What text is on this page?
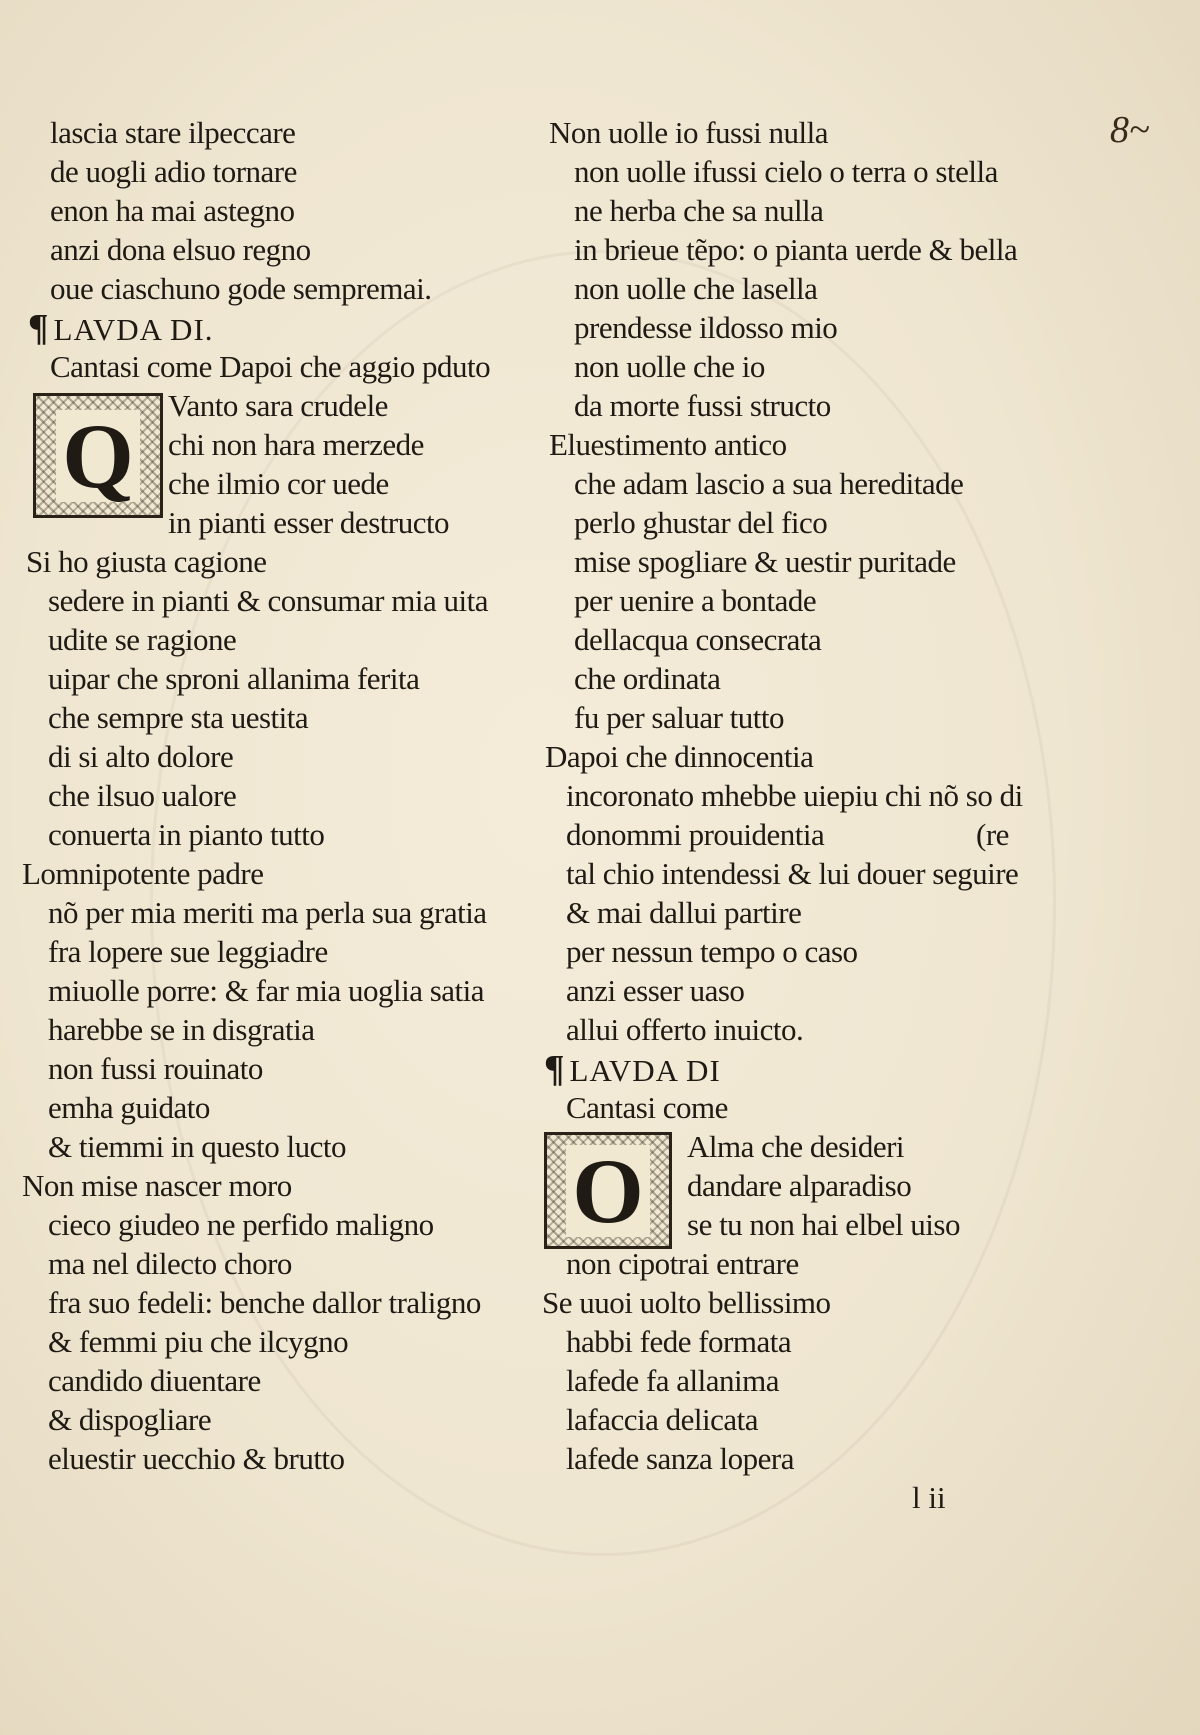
8~
lascia stare ilpeccare
de uogli adio tornare
enon ha mai astegno
anzi dona elsuo regno
oue ciaschuno gode sempremai.
¶ LAVDA DI.
Cantasi come Dapoi che aggio pduto
Q Vanto sara crudele
chi non hara merzede
che ilmio cor uede
in pianti esser destructo
Si ho giusta cagione
sedere in pianti & consumar mia uita
udite se ragione
uipar che sproni allanima ferita
che sempre sta uestita
di si alto dolore
che ilsuo ualore
conuerta in pianto tutto
Lomnipotente padre
nõ per mia meriti ma perla sua gratia
fra lopere sue leggiadre
miuolle porre: & far mia uoglia satia
harebbe se in disgratia
non fussi rouinato
emha guidato
& tiemmi in questo lucto
Non mise nascer moro
cieco giudeo ne perfido maligno
ma nel dilecto choro
fra suo fedeli: benche dallor traligno
& femmi piu che ilcygno
candido diuentare
& dispogliare
eluestir uecchio & brutto
Non uolle io fussi nulla
non uolle ifussi cielo o terra o stella
ne herba che sa nulla
in brieue tẽpo: o pianta uerde & bella
non uolle che lasella
prendesse ildosso mio
non uolle che io
da morte fussi structo
Eluestimento antico
che adam lascio a sua hereditade
perlo ghustar del fico
mise spogliare & uestir puritade
per uenire a bontade
dellacqua consecrata
che ordinata
fu per saluar tutto
Dapoi che dinnocentia
incoronato mhebbe uiepiu chi nõ so di
donommi prouidentia	(re
tal chio intendessi & lui douer seguire
& mai dallui partire
per nessun tempo o caso
anzi esser uaso
allui offerto inuicto.
¶ LAVDA DI
Cantasi come
O Alma che desideri
dandare alparadiso
se tu non hai elbel uiso
non cipotrai entrare
Se uuoi uolto bellissimo
habbi fede formata
lafede fa allanima
lafaccia delicata
lafede sanza lopera
l ii
